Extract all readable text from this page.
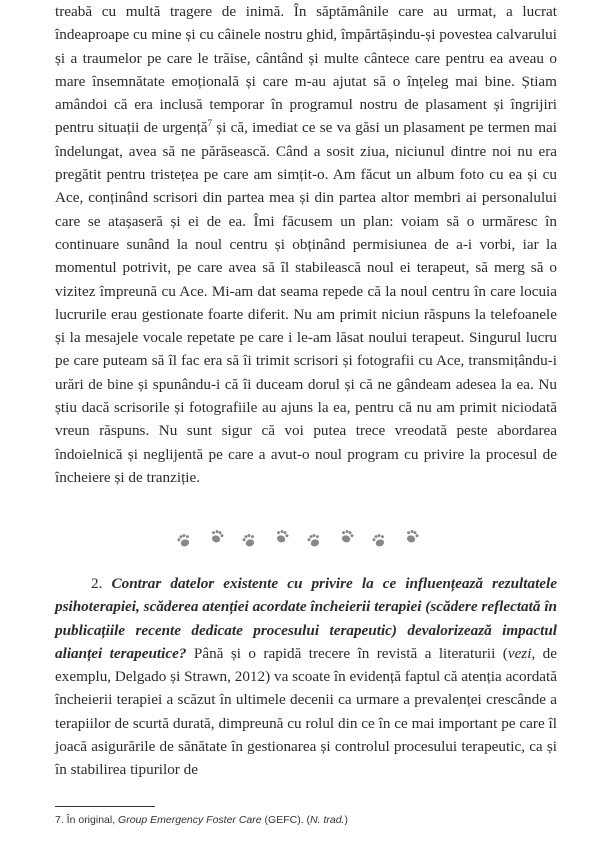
treabă cu multă tragere de inimă. În săptămânile care au urmat, a lucrat îndeaproape cu mine și cu câinele nostru ghid, împărtășindu-și povestea calvarului și a traumelor pe care le trăise, cântând și multe cântece care pentru ea aveau o mare însemnătate emoțională și care m-au ajutat să o înțeleg mai bine. Știam amândoi că era inclusă temporar în programul nostru de plasament și îngrijiri pentru situații de urgență$^7$ și că, imediat ce se va găsi un plasament pe termen mai îndelungat, avea să ne părăsească. Când a sosit ziua, niciunul dintre noi nu era pregătit pentru tristețea pe care am simțit-o. Am făcut un album foto cu ea și cu Ace, conținând scrisori din partea mea și din partea altor membri ai personalului care se atașaseră și ei de ea. Îmi făcusem un plan: voiam să o urmăresc în continuare sunând la noul centru și obținând permisiunea de a-i vorbi, iar la momentul potrivit, pe care avea să îl stabilească noul ei terapeut, să merg să o vizitez împreună cu Ace. Mi-am dat seama repede că la noul centru în care locuia lucrurile erau gestionate foarte diferit. Nu am primit niciun răspuns la telefoanele și la mesajele vocale repetate pe care i le-am lăsat noului terapeut. Singurul lucru pe care puteam să îl fac era să îi trimit scrisori și fotografii cu Ace, transmițându-i urări de bine și spunându-i că îi duceam dorul și că ne gândeam adesea la ea. Nu știu dacă scrisorile și fotografiile au ajuns la ea, pentru că nu am primit niciodată vreun răspuns. Nu sunt sigur că voi putea trece vreodată peste abordarea îndoielnică și neglijentă pe care a avut-o noul program cu privire la procesul de încheiere și de tranziție.

2. Contrar datelor existente cu privire la ce influențează rezultatele psihoterapiei, scăderea atenției acordate încheierii terapiei (scădere reflectată în publicațiile recente dedicate procesului terapeutic) devalorizează impactul alianței terapeutice? Până și o rapidă trecere în revistă a literaturii (vezi, de exemplu, Delgado și Strawn, 2012) va scoate în evidență faptul că atenția acordată încheierii terapiei a scăzut în ultimele decenii ca urmare a prevalenței crescânde a terapiilor de scurtă durată, dimpreună cu rolul din ce în ce mai important pe care îl joacă asigurările de sănătate în gestionarea și controlul procesului terapeutic, ca și în stabilirea tipurilor de
7. În original, Group Emergency Foster Care (GEFC). (N. trad.)
